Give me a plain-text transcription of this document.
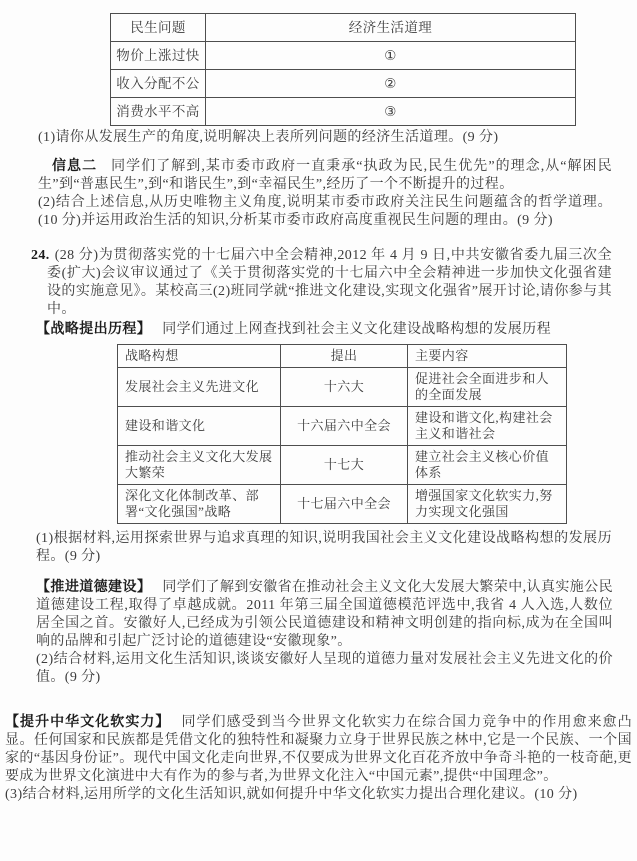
民生问题	经济生活道理
物价上涨过快	①
收入分配不公	②
消费水平不高	③

(1)请你从发展生产的角度,说明解决上表所列问题的经济生活道理。(9 分)

信息二 同学们了解到,某市委市政府一直秉承“执政为民,民生优先”的理念,从“解困民生”到“普惠民生”,到“和谐民生”,到“幸福民生”,经历了一个不断提升的过程。

(2)结合上述信息,从历史唯物主义角度,说明某市委市政府关注民生问题蕴含的哲学道理。(10 分)并运用政治生活的知识,分析某市委市政府高度重视民生问题的理由。(9 分)

24. (28 分)为贯彻落实党的十七届六中全会精神,2012 年 4 月 9 日,中共安徽省委九届三次全委(扩大)会议审议通过了《关于贯彻落实党的十七届六中全会精神进一步加快文化强省建设的实施意见》。某校高三(2)班同学就“推进文化建设,实现文化强省”展开讨论,请你参与其中。

【战略提出历程】 同学们通过上网查找到社会主义文化建设战略构想的发展历程

战略构想	提出	主要内容
发展社会主义先进文化	十六大	促进社会全面进步和人的全面发展
建设和谐文化	十六届六中全会	建设和谐文化,构建社会主义和谐社会
推动社会主义文化大发展大繁荣	十七大	建立社会主义核心价值体系
深化文化体制改革、部署“文化强国”战略	十七届六中全会	增强国家文化软实力,努力实现文化强国

(1)根据材料,运用探索世界与追求真理的知识,说明我国社会主义文化建设战略构想的发展历程。(9 分)

【推进道德建设】 同学们了解到安徽省在推动社会主义文化大发展大繁荣中,认真实施公民道德建设工程,取得了卓越成就。2011 年第三届全国道德模范评选中,我省 4 人入选,人数位居全国之首。安徽好人,已经成为引领公民道德建设和精神文明创建的指向标,成为在全国叫响的品牌和引起广泛讨论的道德建设“安徽现象”。

(2)结合材料,运用文化生活知识,谈谈安徽好人呈现的道德力量对发展社会主义先进文化的价值。(9 分)

【提升中华文化软实力】 同学们感受到当今世界文化软实力在综合国力竞争中的作用愈来愈凸显。任何国家和民族都是凭借文化的独特性和凝聚力立身于世界民族之林中,它是一个民族、一个国家的“基因身份证”。现代中国文化走向世界,不仅要成为世界文化百花齐放中争奇斗艳的一枝奇葩,更要成为世界文化演进中大有作为的参与者,为世界文化注入“中国元素”,提供“中国理念”。

(3)结合材料,运用所学的文化生活知识,就如何提升中华文化软实力提出合理化建议。(10 分)
